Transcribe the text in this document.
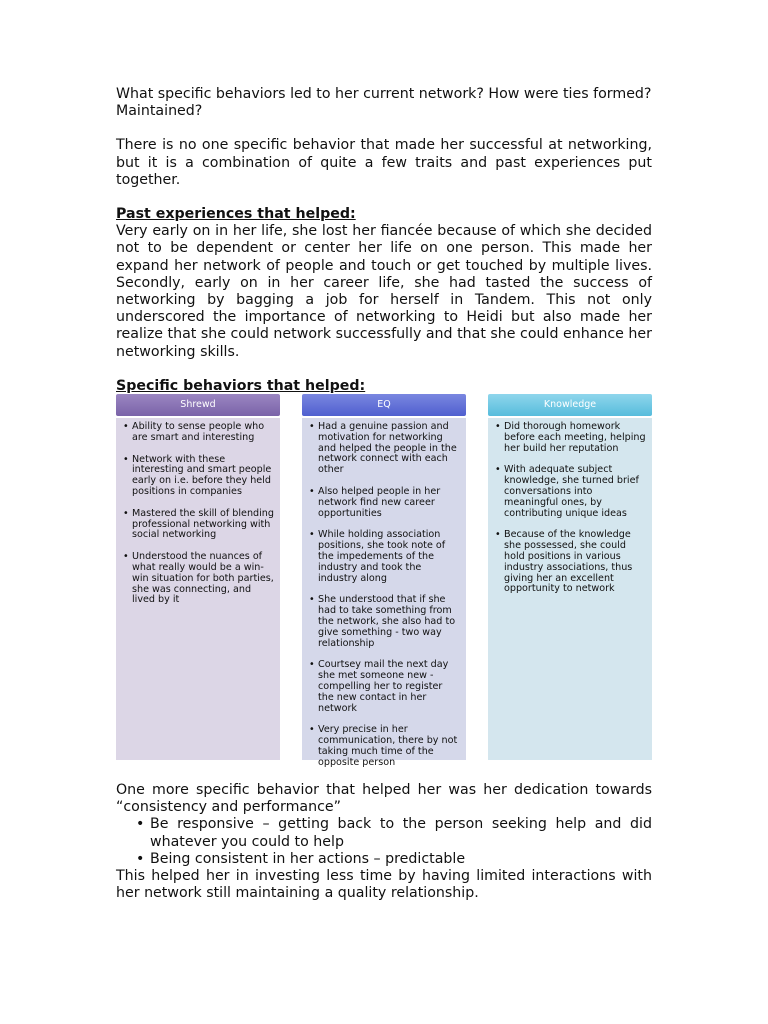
What specific behaviors led to her current network? How were ties formed? Maintained?

There is no one specific behavior that made her successful at networking, but it is a combination of quite a few traits and past experiences put together.

Past experiences that helped:

Very early on in her life, she lost her fiancée because of which she decided not to be dependent or center her life on one person. This made her expand her network of people and touch or get touched by multiple lives. Secondly, early on in her career life, she had tasted the success of networking by bagging a job for herself in Tandem. This not only underscored the importance of networking to Heidi but also made her realize that she could network successfully and that she could enhance her networking skills.

Specific behaviors that helped:

Shrewd
• Ability to sense people who are smart and interesting
• Network with these interesting and smart people early on i.e. before they held positions in companies
• Mastered the skill of blending professional networking with social networking
• Understood the nuances of what really would be a win-win situation for both parties, she was connecting, and lived by it
EQ
• Had a genuine passion and motivation for networking and helped the people in the network connect with each other
• Also helped people in her network find new career opportunities
• While holding association positions, she took note of the impedements of the industry and took the industry along
• She understood that if she had to take something from the network, she also had to give something - two way relationship
• Courtsey mail the next day she met someone new - compelling her to register the new contact in her network
• Very precise in her communication, there by not taking much time of the opposite person
Knowledge
• Did thorough homework before each meeting, helping her build her reputation
• With adequate subject knowledge, she turned brief conversations into meaningful ones, by contributing unique ideas
• Because of the knowledge she possessed, she could hold positions in various industry associations, thus giving her an excellent opportunity to network

One more specific behavior that helped her was her dedication towards “consistency and performance”

• Be responsive – getting back to the person seeking help and did whatever you could to help
• Being consistent in her actions – predictable

This helped her in investing less time by having limited interactions with her network still maintaining a quality relationship.
